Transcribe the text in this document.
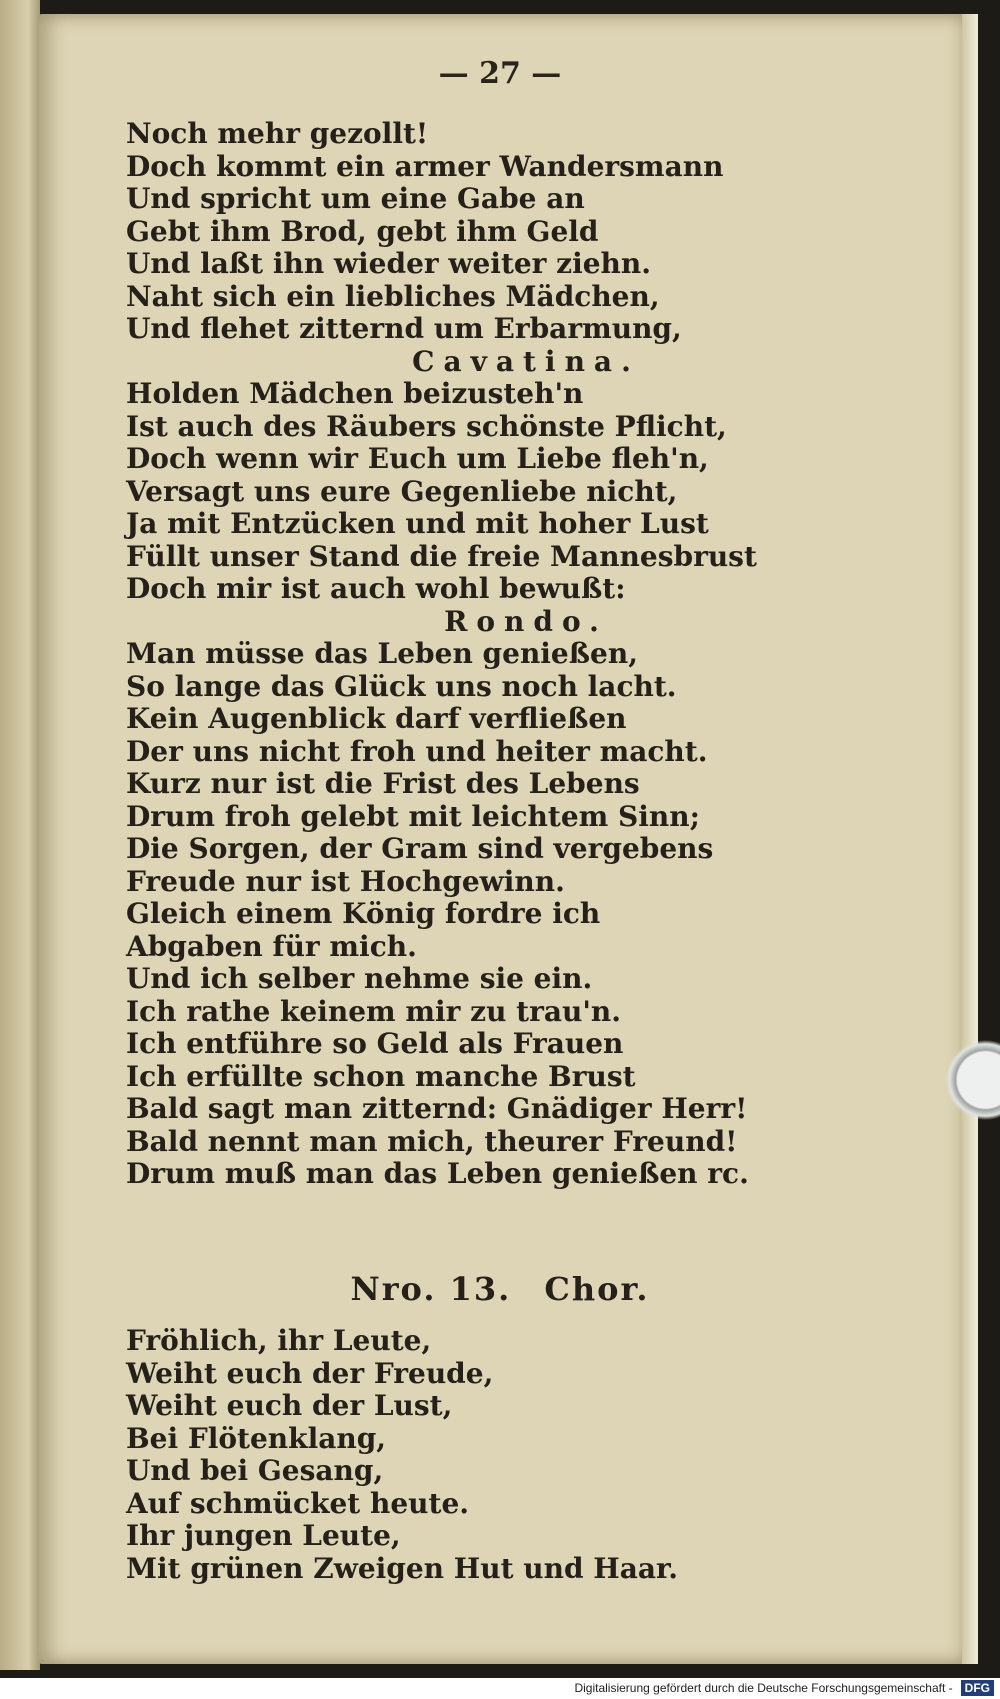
— 27 —
Noch mehr gezollt!
Doch kommt ein armer Wandersmann
Und spricht um eine Gabe an
Gebt ihm Brod, gebt ihm Geld
Und laßt ihn wieder weiter ziehn.
Naht sich ein liebliches Mädchen,
Und flehet zitternd um Erbarmung,
Cavatina.
Holden Mädchen beizusteh'n
Ist auch des Räubers schönste Pflicht,
Doch wenn wir Euch um Liebe fleh'n,
Versagt uns eure Gegenliebe nicht,
Ja mit Entzücken und mit hoher Lust
Füllt unser Stand die freie Mannesbrust
Doch mir ist auch wohl bewußt:
Rondo.
Man müsse das Leben genießen,
So lange das Glück uns noch lacht.
Kein Augenblick darf verfließen
Der uns nicht froh und heiter macht.
Kurz nur ist die Frist des Lebens
Drum froh gelebt mit leichtem Sinn;
Die Sorgen, der Gram sind vergebens
Freude nur ist Hochgewinn.
Gleich einem König fordre ich
Abgaben für mich.
Und ich selber nehme sie ein.
Ich rathe keinem mir zu trau'n.
Ich entführe so Geld als Frauen
Ich erfüllte schon manche Brust
Bald sagt man zitternd: Gnädiger Herr!
Bald nennt man mich, theurer Freund!
Drum muß man das Leben genießen rc.
Nro. 13. Chor.
Fröhlich, ihr Leute,
Weiht euch der Freude,
Weiht euch der Lust,
Bei Flötenklang,
Und bei Gesang,
Auf schmücket heute.
Ihr jungen Leute,
Mit grünen Zweigen Hut und Haar.
Digitalisierung gefördert durch die Deutsche Forschungsgemeinschaft - DFG
